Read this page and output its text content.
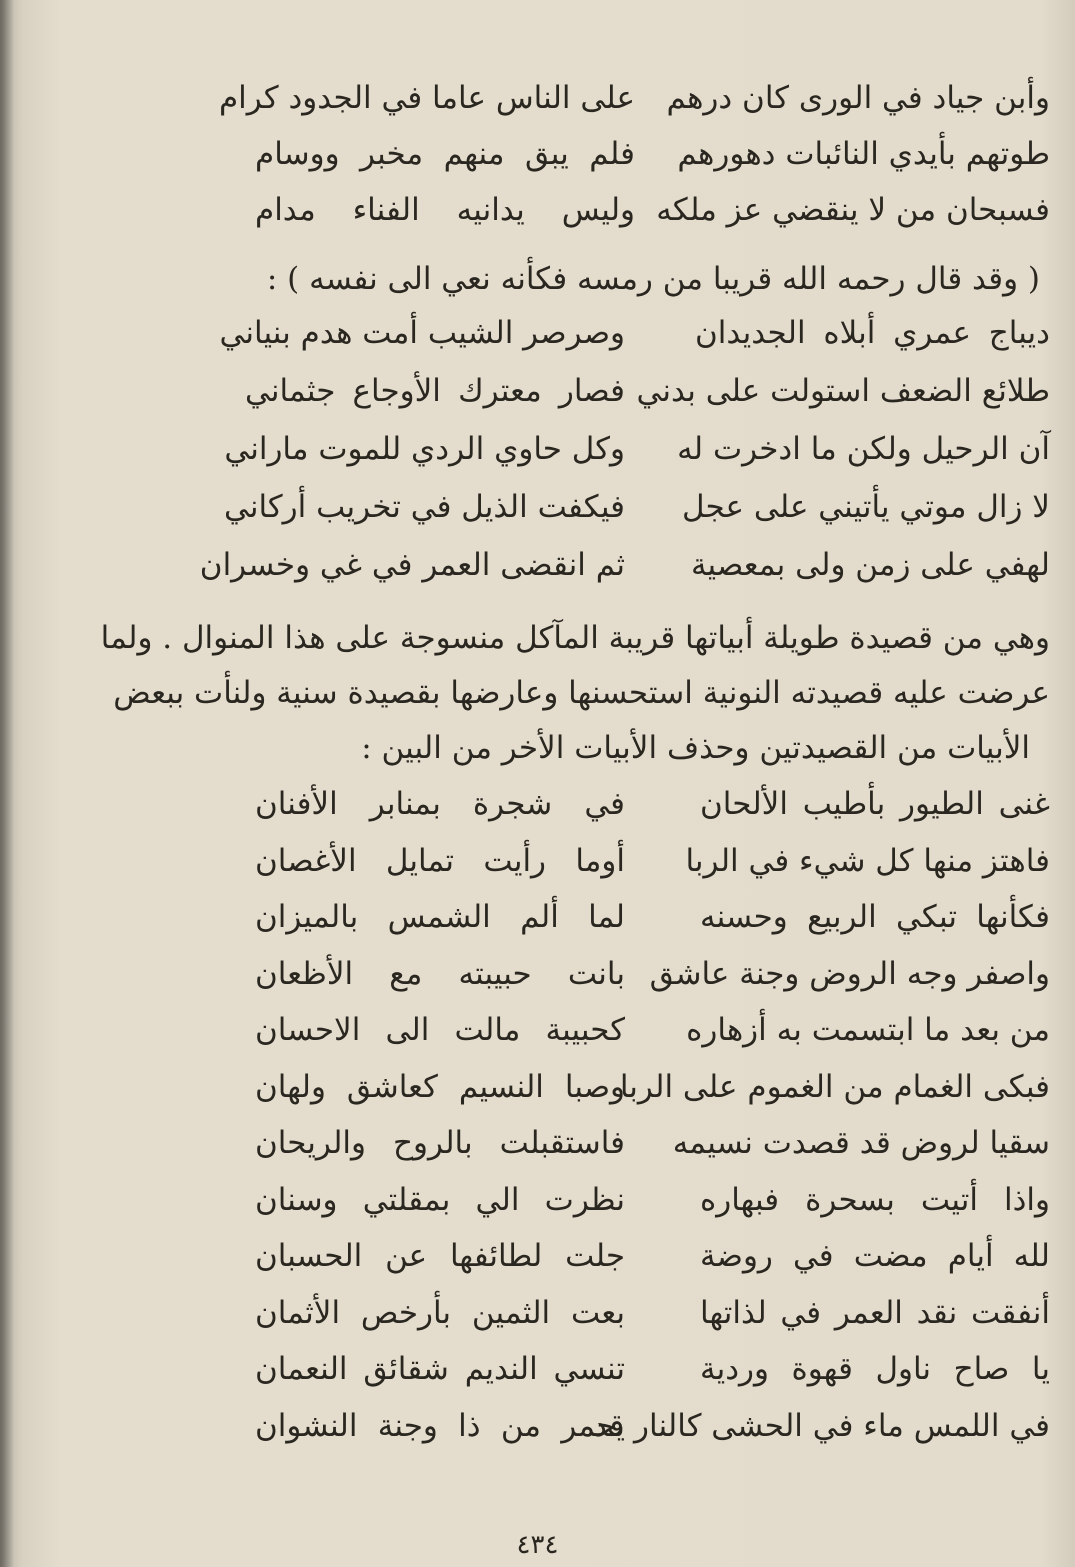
وأبن جياد في الورى كان درهم
على الناس عاما في الجدود كرام
طوتهم بأيدي النائبات دهورهم
فلم يبق منهم مخبر ووسام
فسبحان من لا ينقضي عز ملكه
وليس يدانيه الفناء مدام
( وقد قال رحمه الله قريبا من رمسه فكأنه نعي الى نفسه ) :
ديباج عمري أبلاه الجديدان
وصرصر الشيب أمت هدم بنياني
طلائع الضعف استولت على بدني
فصار معترك الأوجاع جثماني
آن الرحيل ولكن ما ادخرت له
وكل حاوي الردي للموت ماراني
لا زال موتي يأتيني على عجل
فيكفت الذيل في تخريب أركاني
لهفي على زمن ولى بمعصية
ثم انقضى العمر في غي وخسران
وهي من قصيدة طويلة أبياتها قريبة المآكل منسوجة على هذا المنوال . ولما
عرضت عليه قصيدته النونية استحسنها وعارضها بقصيدة سنية ولنأت ببعض
الأبيات من القصيدتين وحذف الأبيات الأخر من البين :
غنى الطيور بأطيب الألحان
في شجرة بمنابر الأفنان
فاهتز منها كل شيء في الربا
أوما رأيت تمايل الأغصان
فكأنها تبكي الربيع وحسنه
لما ألم الشمس بالميزان
واصفر وجه الروض وجنة عاشق
بانت حبيبته مع الأظعان
من بعد ما ابتسمت به أزهاره
كحبيبة مالت الى الاحسان
فبكى الغمام من الغموم على الربا
وصبا النسيم كعاشق ولهان
سقيا لروض قد قصدت نسيمه
فاستقبلت بالروح والريحان
واذا أتيت بسحرة فبهاره
نظرت الي بمقلتي وسنان
لله أيام مضت في روضة
جلت لطائفها عن الحسبان
أنفقت نقد العمر في لذاتها
بعت الثمين بأرخص الأثمان
يا صاح ناول قهوة وردية
تنسي النديم شقائق النعمان
في اللمس ماء في الحشى كالنار قد
يحمر من ذا وجنة النشوان
٤٣٤
